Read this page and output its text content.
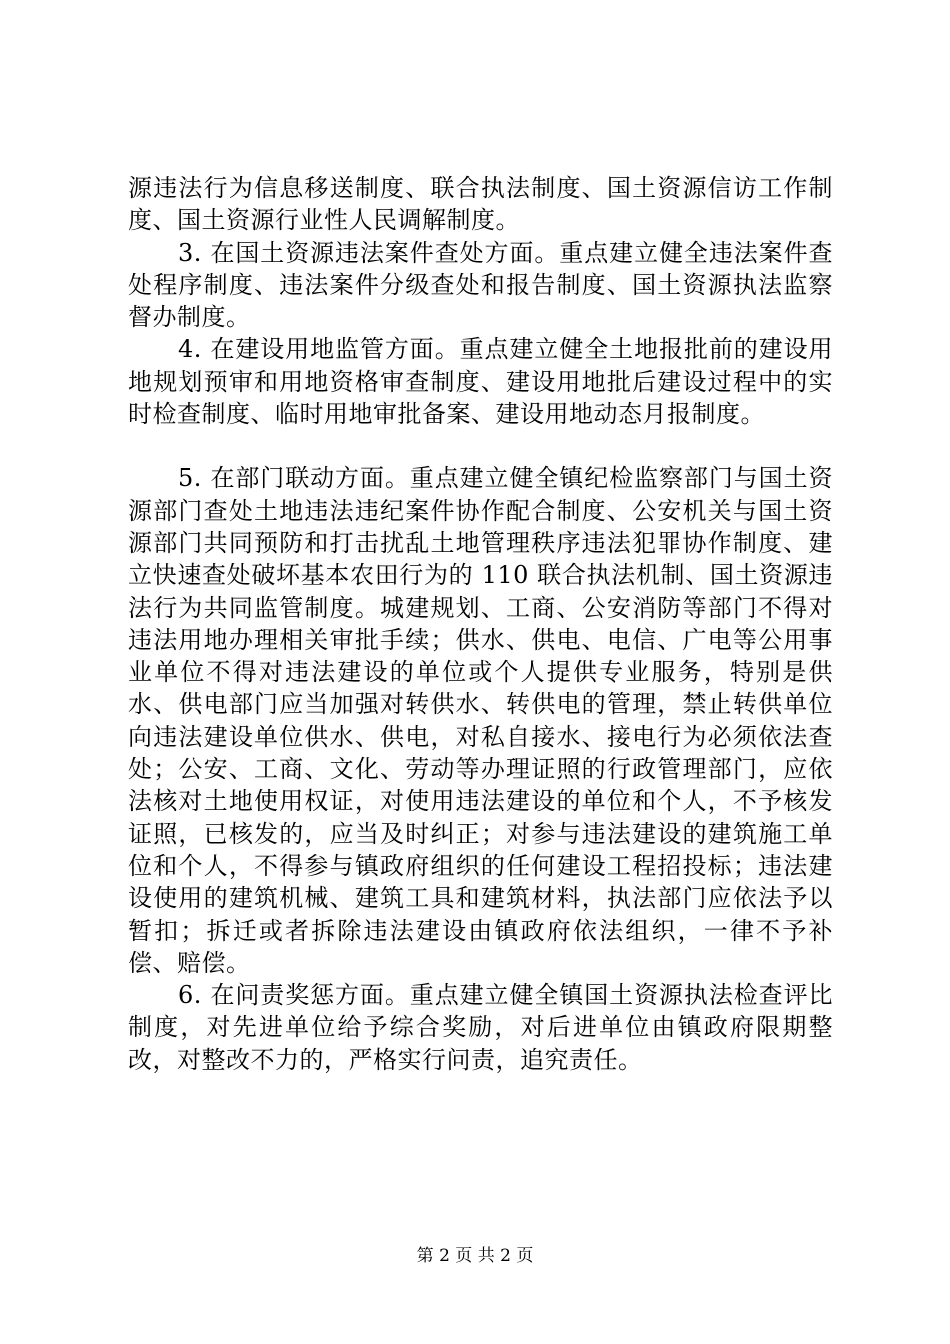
源违法行为信息移送制度、联合执法制度、国土资源信访工作制度、国土资源行业性人民调解制度。

3. 在国土资源违法案件查处方面。重点建立健全违法案件查处程序制度、违法案件分级查处和报告制度、国土资源执法监察督办制度。

4. 在建设用地监管方面。重点建立健全土地报批前的建设用地规划预审和用地资格审查制度、建设用地批后建设过程中的实时检查制度、临时用地审批备案、建设用地动态月报制度。

5. 在部门联动方面。重点建立健全镇纪检监察部门与国土资源部门查处土地违法违纪案件协作配合制度、公安机关与国土资源部门共同预防和打击扰乱土地管理秩序违法犯罪协作制度、建立快速查处破坏基本农田行为的 110 联合执法机制、国土资源违法行为共同监管制度。城建规划、工商、公安消防等部门不得对违法用地办理相关审批手续；供水、供电、电信、广电等公用事业单位不得对违法建设的单位或个人提供专业服务，特别是供水、供电部门应当加强对转供水、转供电的管理，禁止转供单位向违法建设单位供水、供电，对私自接水、接电行为必须依法查处；公安、工商、文化、劳动等办理证照的行政管理部门，应依法核对土地使用权证，对使用违法建设的单位和个人，不予核发证照，已核发的，应当及时纠正；对参与违法建设的建筑施工单位和个人，不得参与镇政府组织的任何建设工程招投标；违法建设使用的建筑机械、建筑工具和建筑材料，执法部门应依法予以暂扣；拆迁或者拆除违法建设由镇政府依法组织，一律不予补偿、赔偿。

6. 在问责奖惩方面。重点建立健全镇国土资源执法检查评比制度，对先进单位给予综合奖励，对后进单位由镇政府限期整改，对整改不力的，严格实行问责，追究责任。

第 2 页 共 2 页
